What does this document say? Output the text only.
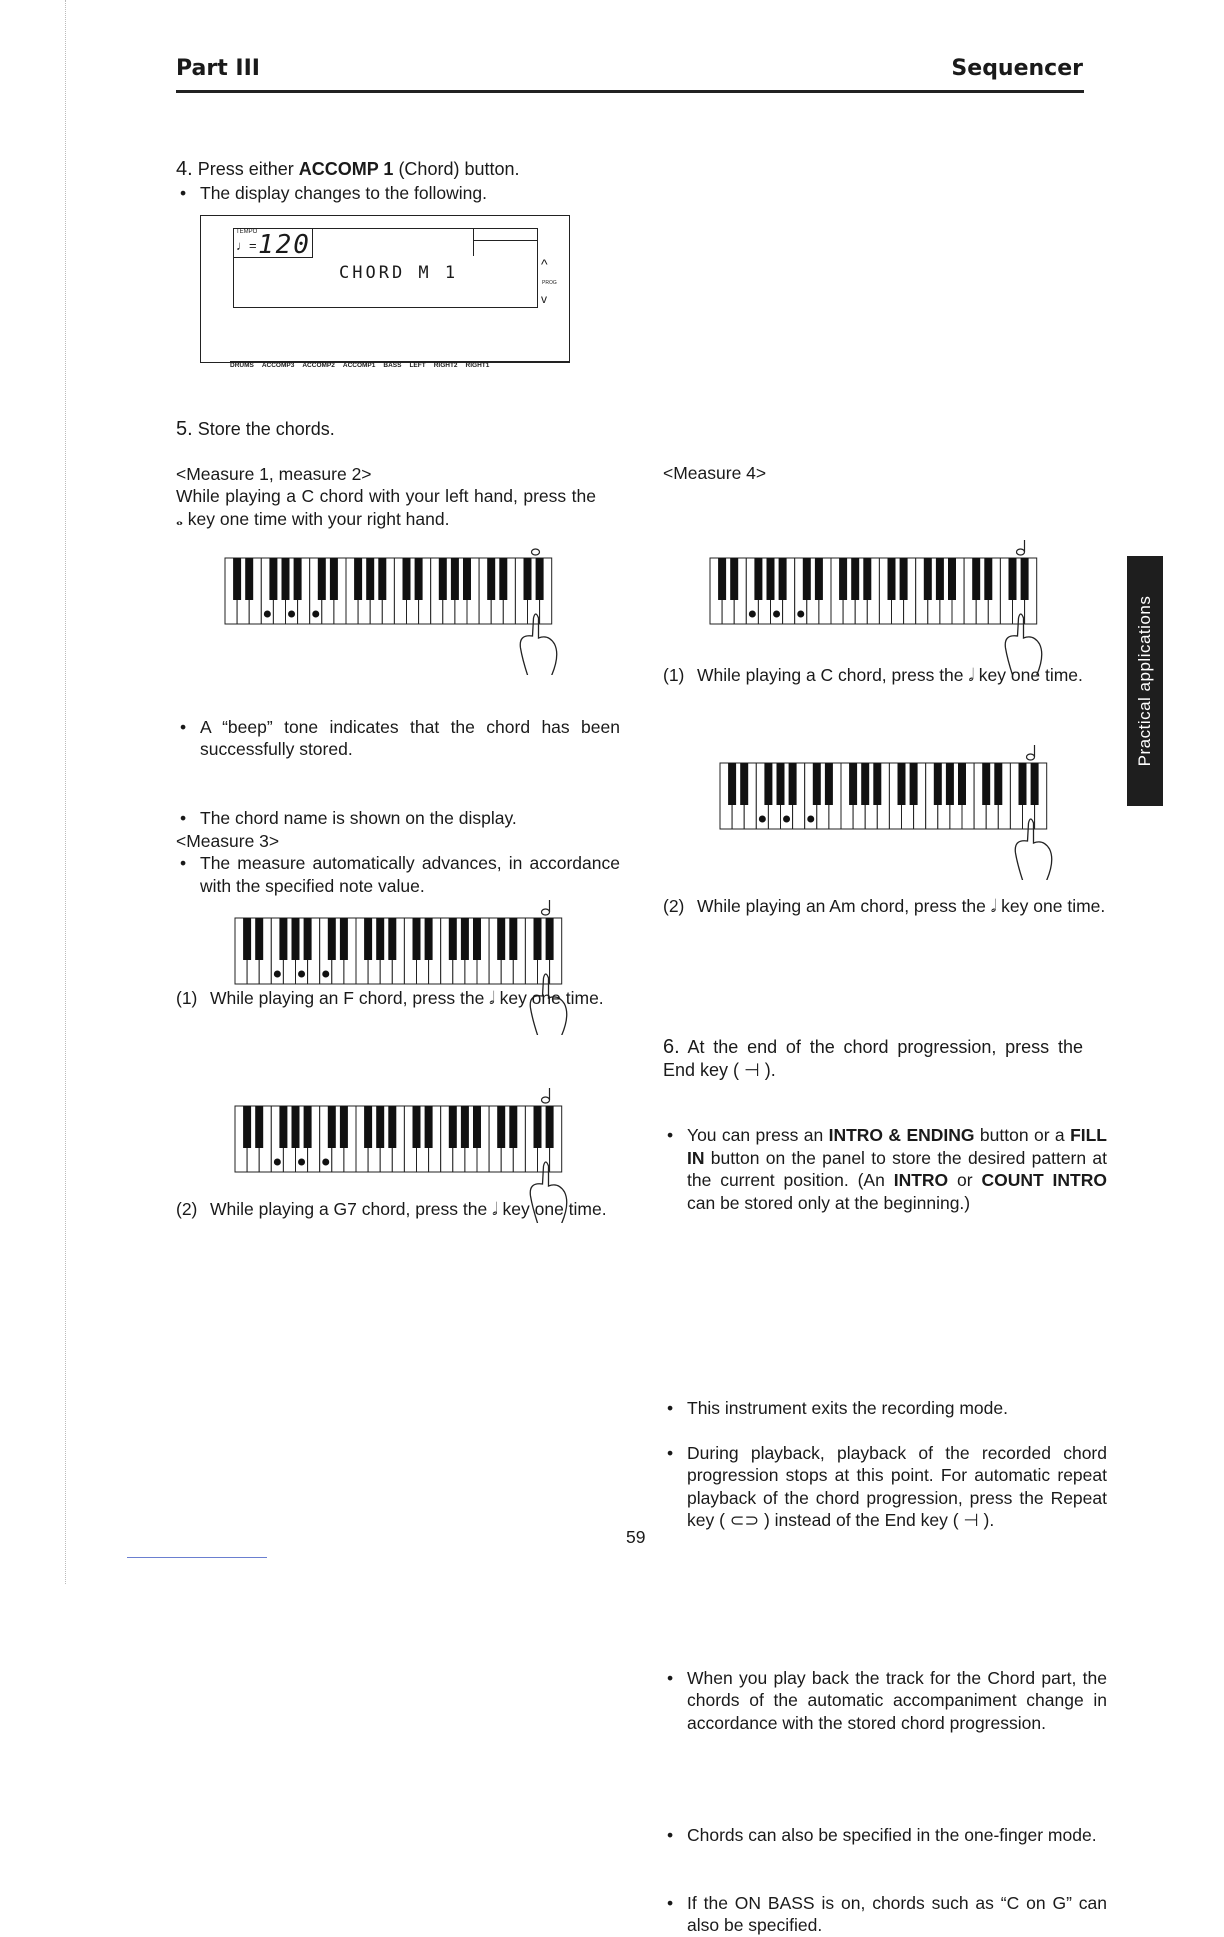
Part III	Sequencer
Practical applications
4. Press either ACCOMP 1 (Chord) button.
• The display changes to the following.
TEMPO
♩= 120
CHORD M 1	^
PROG
v
DRUMS ACCOMP3 ACCOMP2 ACCOMP1 BASS LEFT RIGHT2 RIGHT1
5. Store the chords.
<Measure 1, measure 2>
While playing a C chord with your left hand, press the 𝅝 key one time with your right hand.
• A “beep” tone indicates that the chord has been successfully stored.
• The chord name is shown on the display.
• The measure automatically advances, in accordance with the specified note value.
<Measure 3>
(1) While playing an F chord, press the 𝅗𝅥 key one time.
(2) While playing a G7 chord, press the 𝅗𝅥 key one time.
<Measure 4>
(1) While playing a C chord, press the 𝅗𝅥 key one time.
(2) While playing an Am chord, press the 𝅗𝅥 key one time.
• You can press an INTRO & ENDING button or a FILL IN button on the panel to store the desired pattern at the current position. (An INTRO or COUNT INTRO can be stored only at the beginning.)
6. At the end of the chord progression, press the End key ( ⊣ ).
• This instrument exits the recording mode.
• During playback, playback of the recorded chord progression stops at this point. For automatic repeat playback of the chord progression, press the Repeat key ( ⊂⊃ ) instead of the End key ( ⊣ ).
• When you play back the track for the Chord part, the chords of the automatic accompaniment change in accordance with the stored chord progression.
• Chords can also be specified in the one-finger mode.
• If the ON BASS is on, chords such as “C on G” can also be specified.
59
